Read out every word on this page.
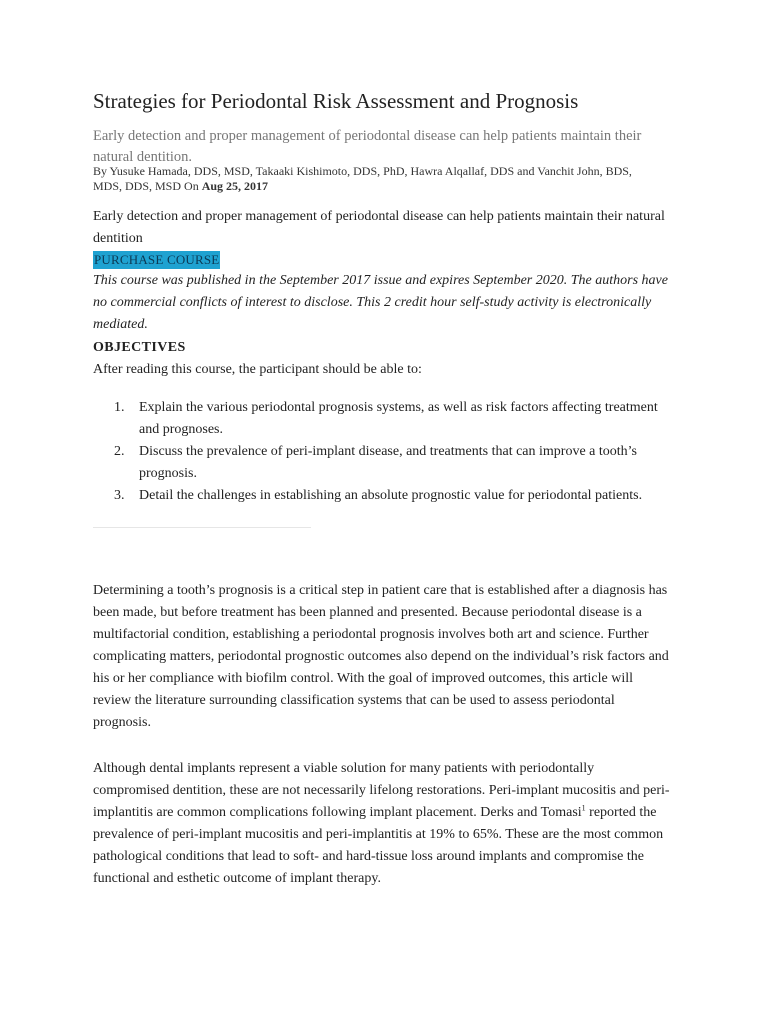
Strategies for Periodontal Risk Assessment and Prognosis

Early detection and proper management of periodontal disease can help patients maintain their natural dentition.

By Yusuke Hamada, DDS, MSD, Takaaki Kishimoto, DDS, PhD, Hawra Alqallaf, DDS and Vanchit John, BDS, MDS, DDS, MSD On Aug 25, 2017

Early detection and proper management of periodontal disease can help patients maintain their natural dentition

PURCHASE COURSE

This course was published in the September 2017 issue and expires September 2020. The authors have no commercial conflicts of interest to disclose. This 2 credit hour self-study activity is electronically mediated.

OBJECTIVES
After reading this course, the participant should be able to:
1. Explain the various periodontal prognosis systems, as well as risk factors affecting treatment and prognoses.
2. Discuss the prevalence of peri-implant disease, and treatments that can improve a tooth’s prognosis.
3. Detail the challenges in establishing an absolute prognostic value for periodontal patients.

Determining a tooth’s prognosis is a critical step in patient care that is established after a diagnosis has been made, but before treatment has been planned and presented. Because periodontal disease is a multifactorial condition, establishing a periodontal prognosis involves both art and science. Further complicating matters, periodontal prognostic outcomes also depend on the individual’s risk factors and his or her compliance with biofilm control. With the goal of improved outcomes, this article will review the literature surrounding classification systems that can be used to assess periodontal prognosis.

Although dental implants represent a viable solution for many patients with periodontally compromised dentition, these are not necessarily lifelong restorations. Peri-implant mucositis and peri-implantitis are common complications following implant placement. Derks and Tomasi$^1$ reported the prevalence of peri-implant mucositis and peri-implantitis at 19% to 65%. These are the most common pathological conditions that lead to soft- and hard-tissue loss around implants and compromise the functional and esthetic outcome of implant therapy.
